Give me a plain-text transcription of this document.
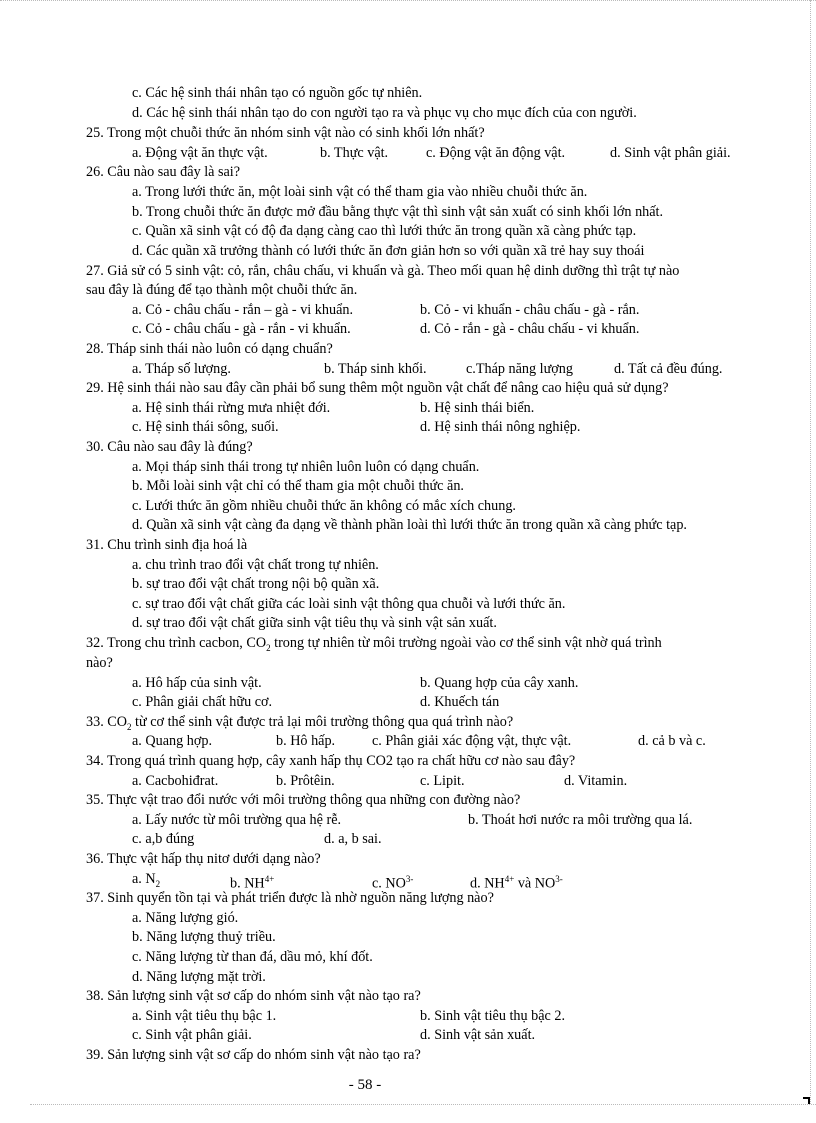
c. Các hệ sinh thái nhân tạo có nguồn gốc tự nhiên.
d. Các hệ sinh thái nhân tạo do con người tạo ra và phục vụ cho mục đích của con người.
25. Trong một chuỗi thức ăn nhóm sinh vật nào có sinh khối lớn nhất?
a. Động vật ăn thực vật.	b. Thực vật.	c. Động vật ăn động vật.	d. Sinh vật phân giải.
26. Câu nào sau đây là sai?
a. Trong lưới thức ăn, một loài sinh vật có thể tham gia vào nhiều chuỗi thức ăn.
b. Trong chuỗi thức ăn được mở đầu bằng thực vật thì sinh vật sản xuất có sinh khối lớn nhất.
c. Quần xã sinh vật có độ đa dạng càng cao thì lưới thức ăn trong quần xã càng phức tạp.
d. Các quần xã trưởng thành có lưới thức ăn đơn giản hơn so với quần xã trẻ hay suy thoái
27. Giả sử có 5 sinh vật: cỏ, rắn, châu chấu, vi khuẩn và gà. Theo mối quan hệ dinh dưỡng thì trật tự nào
sau đây là đúng để tạo thành một chuỗi thức ăn.
a. Cỏ - châu chấu - rắn – gà - vi khuẩn.	b. Cỏ - vi khuẩn - châu chấu - gà - rắn.
c. Cỏ - châu chấu - gà - rắn - vi khuẩn.	d. Cỏ - rắn - gà - châu chấu - vi khuẩn.
28. Tháp sinh thái nào luôn có dạng chuẩn?
a. Tháp số lượng.	b. Tháp sinh khối.	c.Tháp năng lượng	d. Tất cả đều đúng.
29. Hệ sinh thái nào sau đây cần phải bổ sung thêm một nguồn vật chất để nâng cao hiệu quả sử dụng?
a. Hệ sinh thái rừng mưa nhiệt đới.	b. Hệ sinh thái biển.
c. Hệ sinh thái sông, suối.	d. Hệ sinh thái nông nghiệp.
30. Câu nào sau đây là đúng?
a. Mọi tháp sinh thái trong tự nhiên luôn luôn có dạng chuẩn.
b. Mỗi loài sinh vật chỉ có thể tham gia một chuỗi thức ăn.
c. Lưới thức ăn gồm nhiều chuỗi thức ăn không có mắc xích chung.
d. Quần xã sinh vật càng đa dạng về thành phần loài thì lưới thức ăn trong quần xã càng phức tạp.
31. Chu trình sinh địa hoá là
a. chu trình trao đổi vật chất trong tự nhiên.
b. sự trao đổi vật chất trong nội bộ quần xã.
c. sự trao đổi vật chất giữa các loài sinh vật thông qua chuỗi và lưới thức ăn.
d. sự trao đổi vật chất giữa sinh vật tiêu thụ và sinh vật sản xuất.
32. Trong chu trình cacbon, $CO_2$ trong tự nhiên từ môi trường ngoài vào cơ thể sinh vật nhờ quá trình
nào?
a. Hô hấp của sinh vật.	b. Quang hợp của cây xanh.
c. Phân giải chất hữu cơ.	d. Khuếch tán
33. $CO_2$ từ cơ thể sinh vật được trả lại môi trường thông qua quá trình nào?
a. Quang hợp.	b. Hô hấp.	c. Phân giải xác động vật, thực vật.	d. cả b và c.
34. Trong quá trình quang hợp, cây xanh hấp thụ CO2 tạo ra chất hữu cơ nào sau đây?
a. Cacbohiđrat.	b. Prôtêin.	c. Lipit.	d. Vitamin.
35. Thực vật trao đổi nước với môi trường thông qua những con đường nào?
a. Lấy nước từ môi trường qua hệ rễ.	b. Thoát hơi nước ra môi trường qua lá.
c. a,b đúng	d. a, b sai.
36. Thực vật hấp thụ nitơ dưới dạng nào?
a. $N_2$	b. $NH^{4+}$	c. $NO^{3-}$	d. $NH^{4+}$ và $NO^{3-}$
37. Sinh quyển tồn tại và phát triển được là nhờ nguồn năng lượng nào?
a. Năng lượng gió.
b. Năng lượng thuỷ triều.
c. Năng lượng từ than đá, dầu mỏ, khí đốt.
d. Năng lượng mặt trời.
38. Sản lượng sinh vật sơ cấp do nhóm sinh vật nào tạo ra?
a. Sinh vật tiêu thụ bậc 1.	b. Sinh vật tiêu thụ bậc 2.
c. Sinh vật phân giải.	d. Sinh vật sản xuất.
39. Sản lượng sinh vật sơ cấp do nhóm sinh vật nào tạo ra?
- 58 -
